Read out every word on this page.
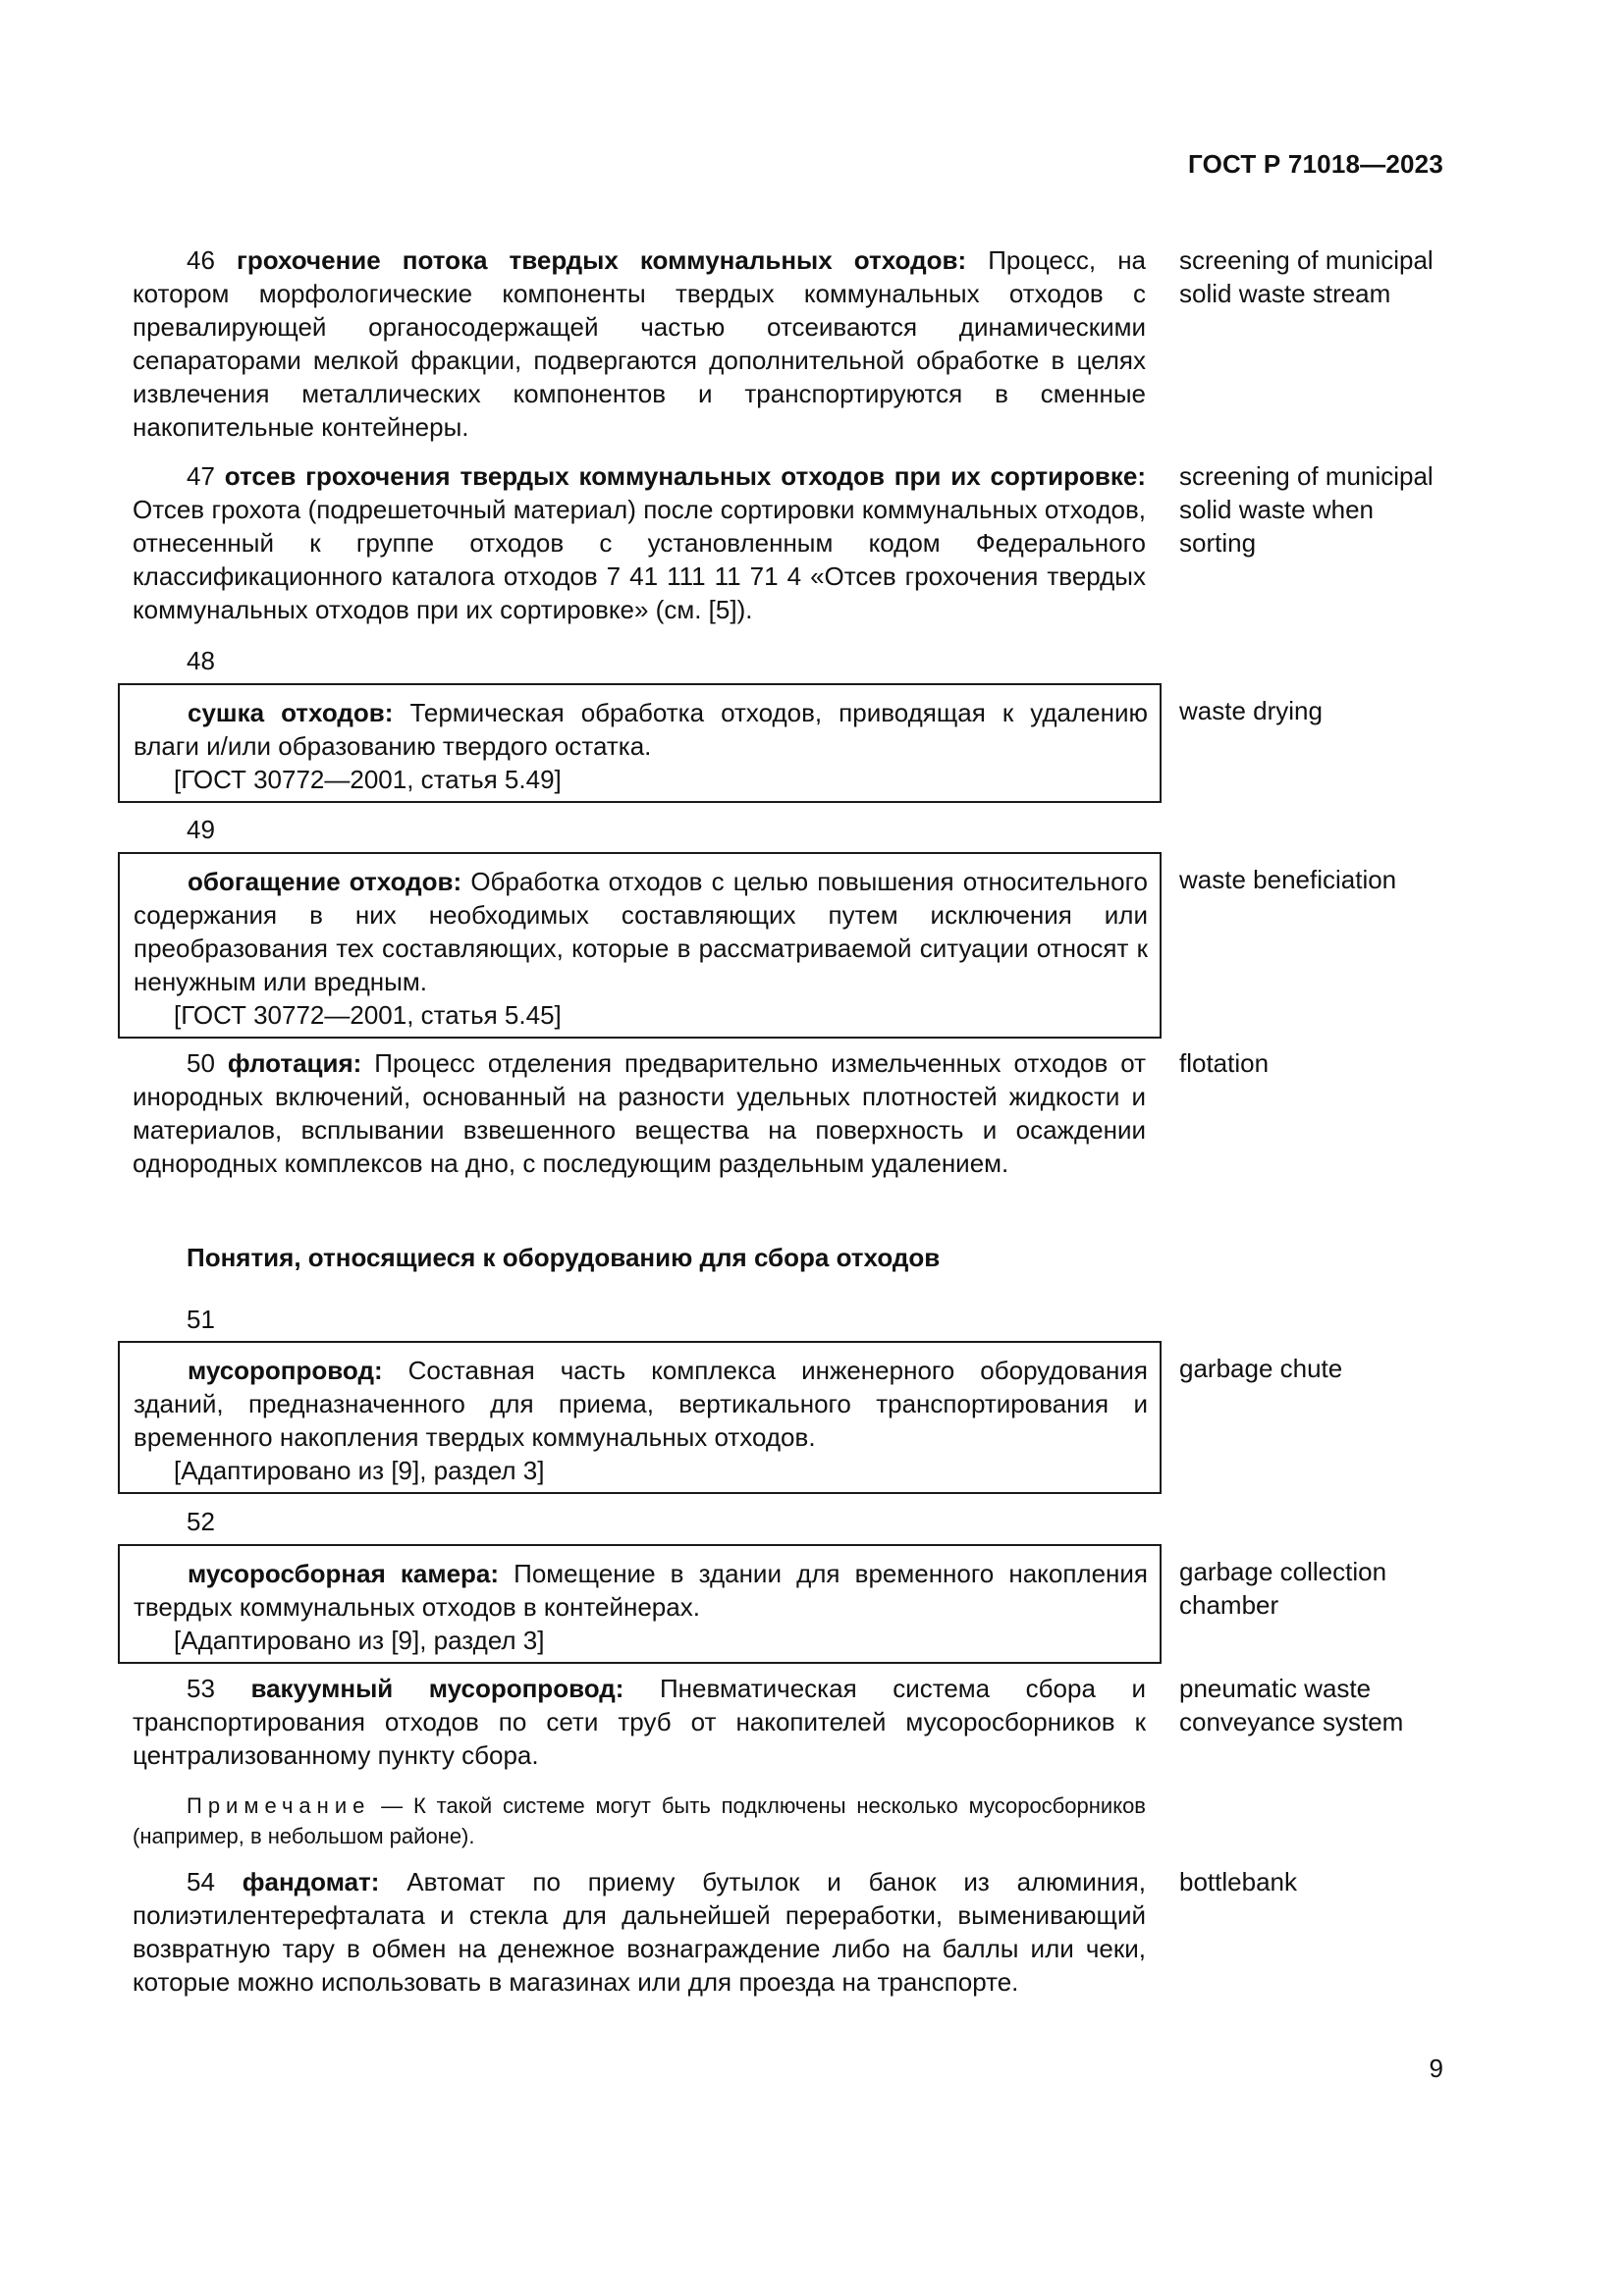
ГОСТ Р 71018—2023
46 грохочение потока твердых коммунальных отходов: Процесс, на котором морфологические компоненты твердых коммунальных отходов с превалирующей органосодержащей частью отсеиваются динамическими сепараторами мелкой фракции, подвергаются дополнительной обработке в целях извлечения металлических компонентов и транспортируются в сменные накопительные контейнеры.
screening of municipal solid waste stream
47 отсев грохочения твердых коммунальных отходов при их сортировке: Отсев грохота (подрешеточный материал) после сортировки коммунальных отходов, отнесенный к группе отходов с установленным кодом Федерального классификационного каталога отходов 7 41 111 11 71 4 «Отсев грохочения твердых коммунальных отходов при их сортировке» (см. [5]).
screening of municipal solid waste when sorting
48
сушка отходов: Термическая обработка отходов, приводящая к удалению влаги и/или образованию твердого остатка.
[ГОСТ 30772—2001, статья 5.49]
waste drying
49
обогащение отходов: Обработка отходов с целью повышения относительного содержания в них необходимых составляющих путем исключения или преобразования тех составляющих, которые в рассматриваемой ситуации относят к ненужным или вредным.
[ГОСТ 30772—2001, статья 5.45]
waste beneficiation
50 флотация: Процесс отделения предварительно измельченных отходов от инородных включений, основанный на разности удельных плотностей жидкости и материалов, всплывании взвешенного вещества на поверхность и осаждении однородных комплексов на дно, с последующим раздельным удалением.
flotation
Понятия, относящиеся к оборудованию для сбора отходов
51
мусоропровод: Составная часть комплекса инженерного оборудования зданий, предназначенного для приема, вертикального транспортирования и временного накопления твердых коммунальных отходов.
[Адаптировано из [9], раздел 3]
garbage chute
52
мусоросборная камера: Помещение в здании для временного накопления твердых коммунальных отходов в контейнерах.
[Адаптировано из [9], раздел 3]
garbage collection chamber
53 вакуумный мусоропровод: Пневматическая система сбора и транспортирования отходов по сети труб от накопителей мусоросборников к централизованному пункту сбора.
pneumatic waste conveyance system
Примечание — К такой системе могут быть подключены несколько мусоросборников (например, в небольшом районе).
54 фандомат: Автомат по приему бутылок и банок из алюминия, полиэтилентерефталата и стекла для дальнейшей переработки, выменивающий возвратную тару в обмен на денежное вознаграждение либо на баллы или чеки, которые можно использовать в магазинах или для проезда на транспорте.
bottlebank
9
